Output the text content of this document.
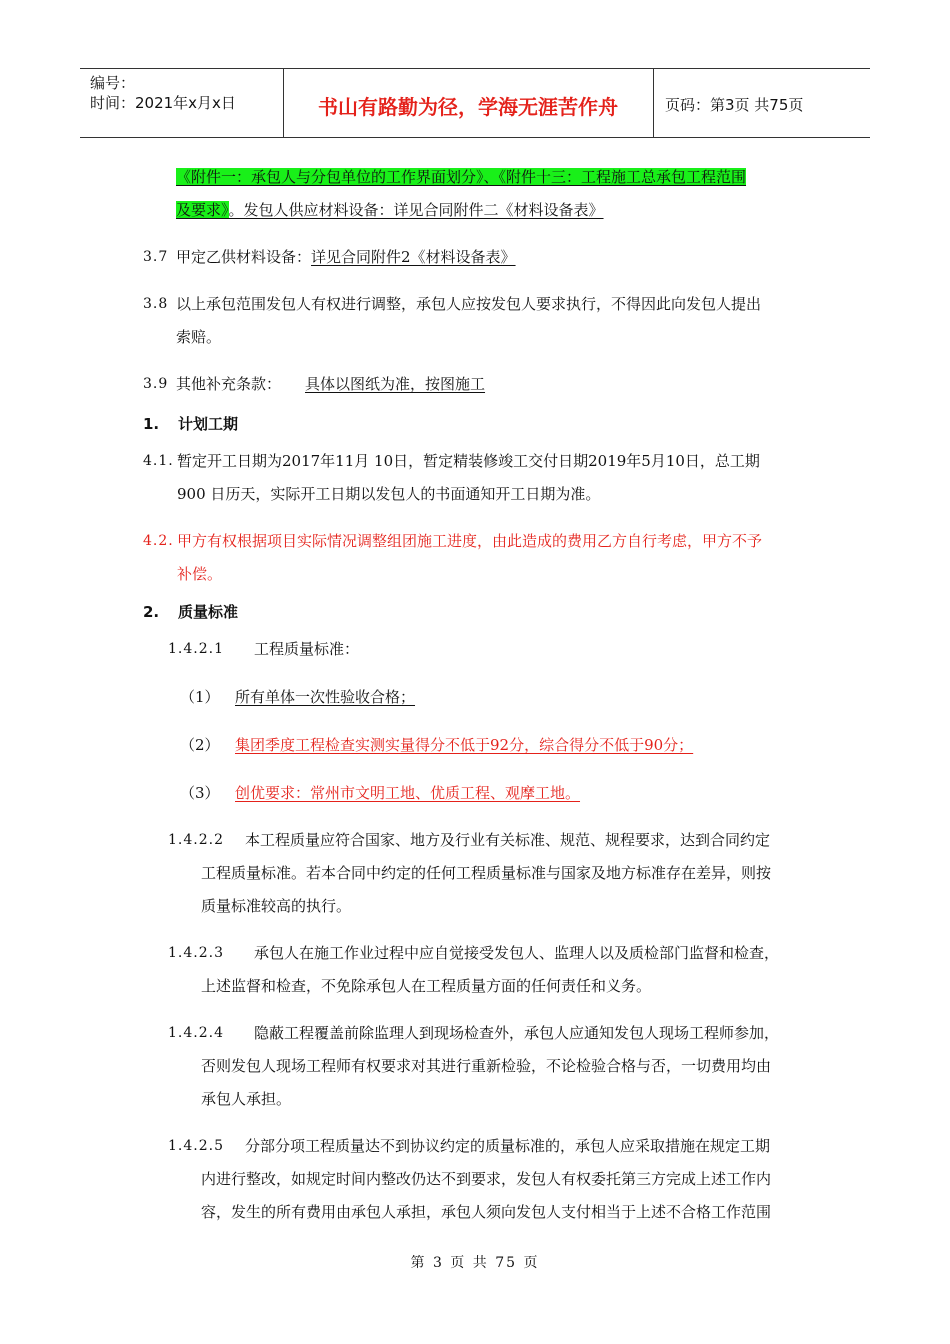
编号：
时间：2021年x月x日	书山有路勤为径，学海无涯苦作舟	页码：第3页 共75页
《附件一：承包人与分包单位的工作界面划分》、《附件十三：工程施工总承包工程范围
及要求》。发包人供应材料设备：详见合同附件二《材料设备表》
3.7 甲定乙供材料设备：详见合同附件2《材料设备表》
3.8 以上承包范围发包人有权进行调整，承包人应按发包人要求执行，不得因此向发包人提出
索赔。
3.9 其他补充条款： 具体以图纸为准，按图施工
1. 计划工期
4.1. 暂定开工日期为2017年11月 10日，暂定精装修竣工交付日期2019年5月10日，总工期
900 日历天，实际开工日期以发包人的书面通知开工日期为准。
4.2. 甲方有权根据项目实际情况调整组团施工进度，由此造成的费用乙方自行考虑，甲方不予
补偿。
2. 质量标准
1.4.2.1 工程质量标准：
（1） 所有单体一次性验收合格；
（2） 集团季度工程检查实测实量得分不低于92分，综合得分不低于90分；
（3） 创优要求：常州市文明工地、优质工程、观摩工地。
1.4.2.2 本工程质量应符合国家、地方及行业有关标准、规范、规程要求，达到合同约定
工程质量标准。若本合同中约定的任何工程质量标准与国家及地方标准存在差异，则按
质量标准较高的执行。
1.4.2.3 承包人在施工作业过程中应自觉接受发包人、监理人以及质检部门监督和检查，
上述监督和检查，不免除承包人在工程质量方面的任何责任和义务。
1.4.2.4 隐蔽工程覆盖前除监理人到现场检查外，承包人应通知发包人现场工程师参加，
否则发包人现场工程师有权要求对其进行重新检验，不论检验合格与否，一切费用均由
承包人承担。
1.4.2.5 分部分项工程质量达不到协议约定的质量标准的，承包人应采取措施在规定工期
内进行整改，如规定时间内整改仍达不到要求，发包人有权委托第三方完成上述工作内
容，发生的所有费用由承包人承担，承包人须向发包人支付相当于上述不合格工作范围
第 3 页 共 75 页
